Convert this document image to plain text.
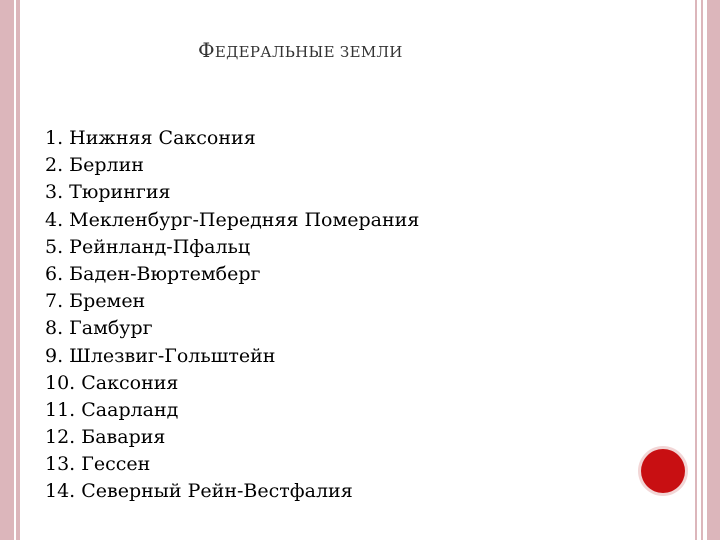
ФЕДЕРАЛЬНЫЕ ЗЕМЛИ
1. Нижняя Саксония
2. Берлин
3. Тюрингия
4. Мекленбург-Передняя Померания
5. Рейнланд-Пфальц
6. Баден-Вюртемберг
7. Бремен
8. Гамбург
9. Шлезвиг-Гольштейн
10. Саксония
11. Саарланд
12. Бавария
13. Гессен
14. Северный Рейн-Вестфалия
